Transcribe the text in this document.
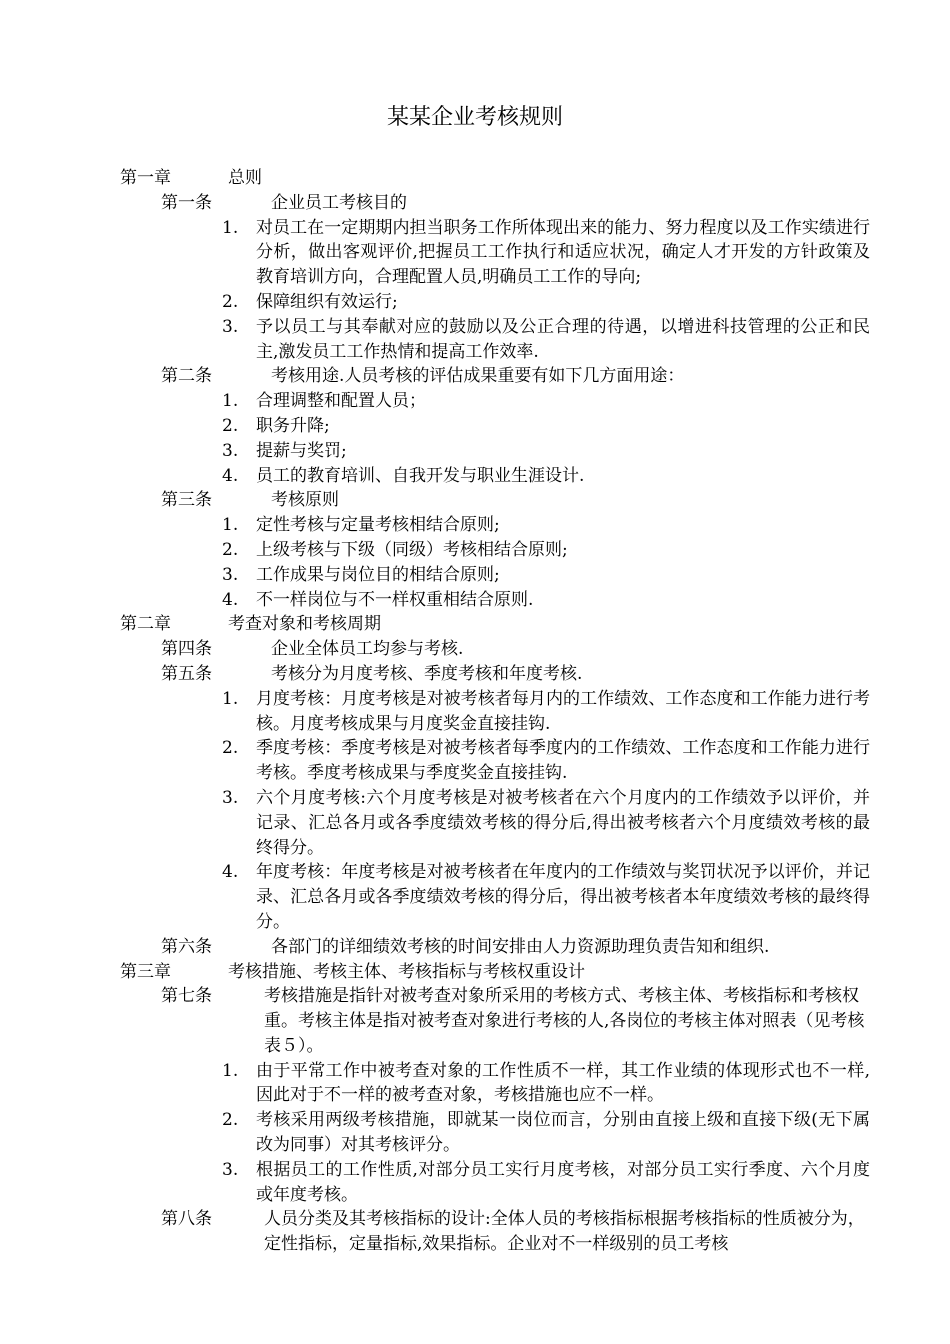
某某企业考核规则
第一章	总则
第一条	企业员工考核目的
1. 对员工在一定期期内担当职务工作所体现出来的能力、努力程度以及工作实绩进行分析，做出客观评价,把握员工工作执行和适应状况，确定人才开发的方针政策及教育培训方向，合理配置人员,明确员工工作的导向;
2. 保障组织有效运行;
3. 予以员工与其奉献对应的鼓励以及公正合理的待遇，以增进科技管理的公正和民主,激发员工工作热情和提高工作效率.
第二条	考核用途.人员考核的评估成果重要有如下几方面用途：
1. 合理调整和配置人员；
2. 职务升降;
3. 提薪与奖罚;
4. 员工的教育培训、自我开发与职业生涯设计.
第三条	考核原则
1. 定性考核与定量考核相结合原则;
2. 上级考核与下级（同级）考核相结合原则;
3. 工作成果与岗位目的相结合原则;
4. 不一样岗位与不一样权重相结合原则.
第二章	考查对象和考核周期
第四条	企业全体员工均参与考核.
第五条	考核分为月度考核、季度考核和年度考核.
1. 月度考核：月度考核是对被考核者每月内的工作绩效、工作态度和工作能力进行考核。月度考核成果与月度奖金直接挂钩.
2. 季度考核：季度考核是对被考核者每季度内的工作绩效、工作态度和工作能力进行考核。季度考核成果与季度奖金直接挂钩.
3. 六个月度考核:六个月度考核是对被考核者在六个月度内的工作绩效予以评价，并记录、汇总各月或各季度绩效考核的得分后,得出被考核者六个月度绩效考核的最终得分。
4. 年度考核：年度考核是对被考核者在年度内的工作绩效与奖罚状况予以评价，并记录、汇总各月或各季度绩效考核的得分后，得出被考核者本年度绩效考核的最终得分。
第六条	各部门的详细绩效考核的时间安排由人力资源助理负责告知和组织.
第三章	考核措施、考核主体、考核指标与考核权重设计
第七条	考核措施是指针对被考查对象所采用的考核方式、考核主体、考核指标和考核权重。考核主体是指对被考查对象进行考核的人,各岗位的考核主体对照表（见考核表５）。
1. 由于平常工作中被考查对象的工作性质不一样，其工作业绩的体现形式也不一样,因此对于不一样的被考查对象，考核措施也应不一样。
2. 考核采用两级考核措施，即就某一岗位而言，分别由直接上级和直接下级(无下属改为同事）对其考核评分。
3. 根据员工的工作性质,对部分员工实行月度考核，对部分员工实行季度、六个月度或年度考核。
第八条	人员分类及其考核指标的设计:全体人员的考核指标根据考核指标的性质被分为，定性指标，定量指标,效果指标。企业对不一样级别的员工考核
